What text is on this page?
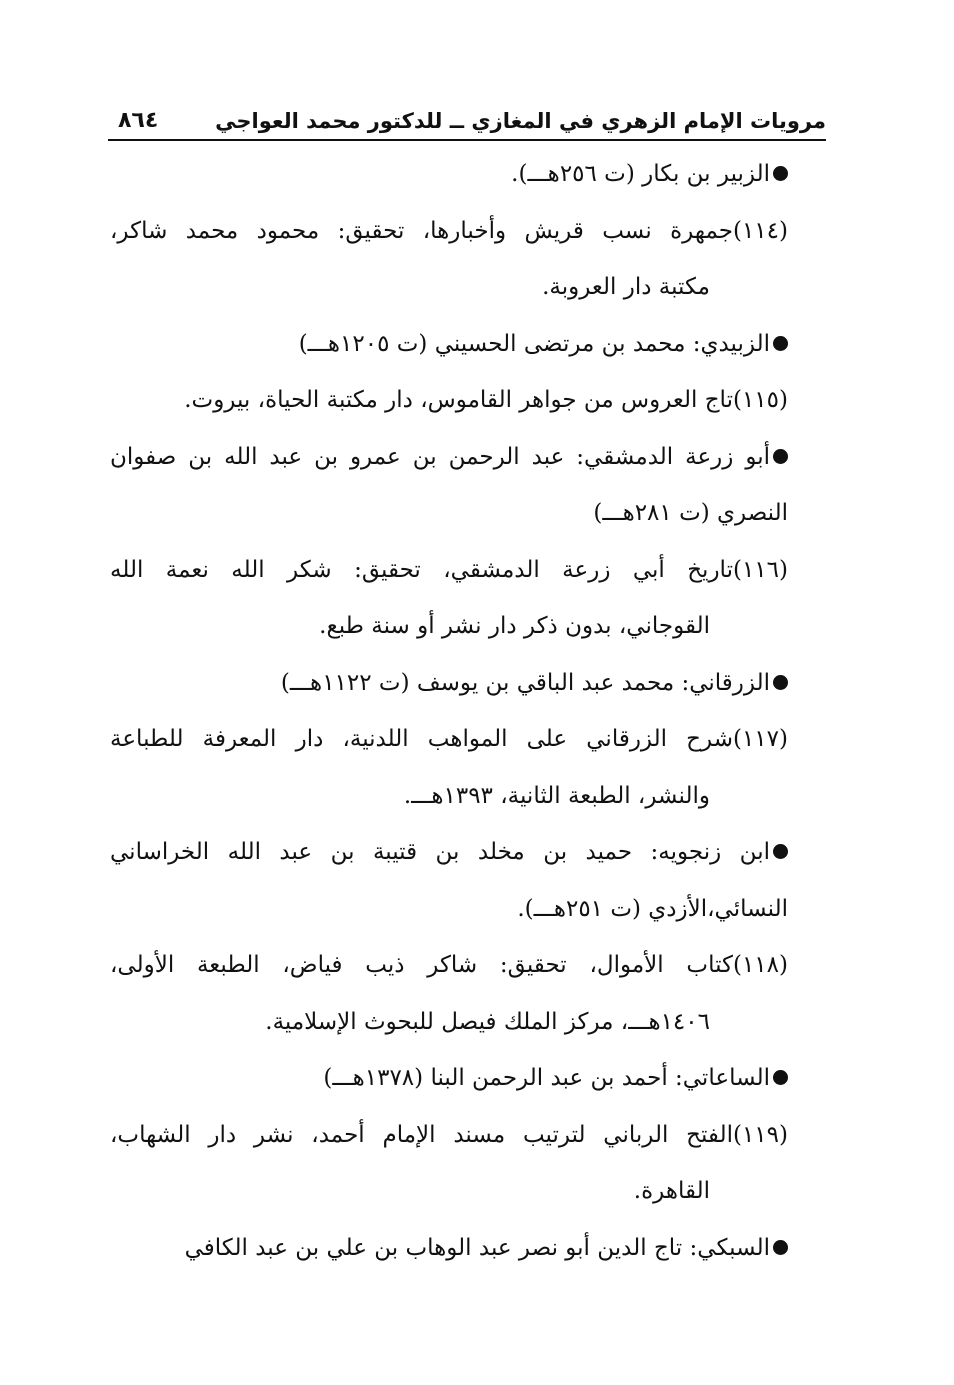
مرويات الإمام الزهري في المغازي ــ للدكتور محمد العواجي
٨٦٤
الزبير بن بكار (ت ٢٥٦هـــ).
(١١٤)جمهرة نسب قريش وأخبارها، تحقيق: محمود محمد شاكر،
مكتبة دار العروبة.
الزبيدي: محمد بن مرتضى الحسيني (ت ١٢٠٥هـــ)
(١١٥)تاج العروس من جواهر القاموس، دار مكتبة الحياة، بيروت.
أبو زرعة الدمشقي: عبد الرحمن بن عمرو بن عبد الله بن صفوان
النصري (ت ٢٨١هـــ)
(١١٦)تاريخ أبي زرعة الدمشقي، تحقيق: شكر الله نعمة الله
القوجاني، بدون ذكر دار نشر أو سنة طبع.
الزرقاني: محمد عبد الباقي بن يوسف (ت ١١٢٢هـــ)
(١١٧)شرح الزرقاني على المواهب اللدنية، دار المعرفة للطباعة
والنشر، الطبعة الثانية، ١٣٩٣هـــ.
ابن زنجويه: حميد بن مخلد بن قتيبة بن عبد الله الخراساني
النسائي،الأزدي (ت ٢٥١هـــ).
(١١٨)كتاب الأموال، تحقيق: شاكر ذيب فياض، الطبعة الأولى،
١٤٠٦هـــ، مركز الملك فيصل للبحوث الإسلامية.
الساعاتي: أحمد بن عبد الرحمن البنا (١٣٧٨هـــ)
(١١٩)الفتح الرباني لترتيب مسند الإمام أحمد، نشر دار الشهاب،
القاهرة.
السبكي: تاج الدين أبو نصر عبد الوهاب بن علي بن عبد الكافي
